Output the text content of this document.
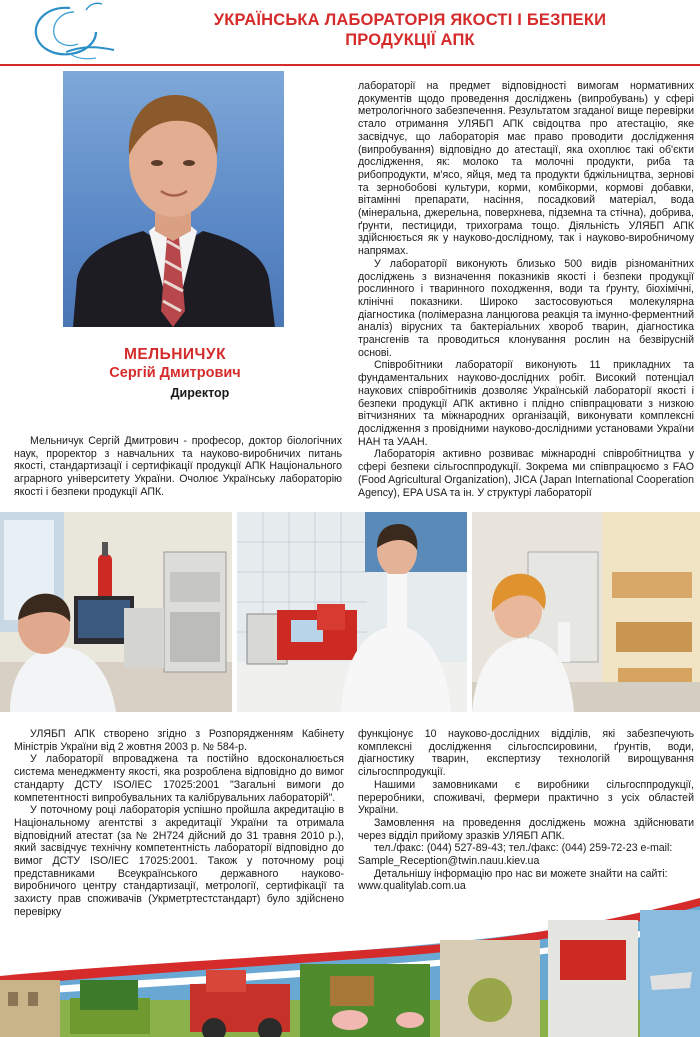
УКРАЇНСЬКА ЛАБОРАТОРІЯ ЯКОСТІ І БЕЗПЕКИ
ПРОДУКЦІЇ АПК
МЕЛЬНИЧУК
Сергій Дмитрович
Директор

Мельничук Сергій Дмитрович - професор, доктор біологічних наук, проректор з навчальних та науково-виробничих питань якості, стандартизації і сертифікації продукції АПК Національного аграрного університету України. Очолює Українську лабораторію якості і безпеки продукції АПК.

лабораторії на предмет відповідності вимогам нормативних документів щодо проведення досліджень (випробувань) у сфері метрологічного забезпечення. Результатом згаданої вище перевірки стало отримання УЛЯБП АПК свідоцтва про атестацію, яке засвідчує, що лабораторія має право проводити дослідження (випробування) відповідно до атестації, яка охоплює такі об'єкти дослідження, як: молоко та молочні продукти, риба та рибопродукти, м'ясо, яйця, мед та продукти бджільництва, зернові та зернобобові культури, корми, комбікорми, кормові добавки, вітамінні препарати, насіння, посадковий матеріал, вода (мінеральна, джерельна, поверхнева, підземна та стічна), добрива, ґрунти, пестициди, трихограма тощо. Діяльність УЛЯБП АПК здійснюється як у науково-дослідному, так і науково-виробничому напрямах.

У лабораторії виконують близько 500 видів різноманітних досліджень з визначення показників якості і безпеки продукції рослинного і тваринного походження, води та ґрунту, біохімічні, клінічні показники. Широко застосовуються молекулярна діагностика (полімеразна ланцюгова реакція та імунно-ферментний аналіз) вірусних та бактеріальних хвороб тварин, діагностика трансгенів та проводиться клонування рослин на безвірусній основі.

Співробітники лабораторії виконують 11 прикладних та фундаментальних науково-дослідних робіт. Високий потенціал наукових співробітників дозволяє Українській лабораторії якості і безпеки продукції АПК активно і плідно співпрацювати з низкою вітчизняних та міжнародних організацій, виконувати комплексні дослідження з провідними науково-дослідними установами України НАН та УААН.

Лабораторія активно розвиває міжнародні співробітництва у сфері безпеки сільгосппродукції. Зокрема ми співпрацюємо з FAO (Food Agricultural Organization), JICA (Japan International Cooperation Agency), EPA USA та ін. У структурі лабораторії

УЛЯБП АПК створено згідно з Розпорядженням Кабінету Міністрів України від 2 жовтня 2003 р. № 584-р.

У лабораторії впроваджена та постійно вдосконалюється система менеджменту якості, яка розроблена відповідно до вимог стандарту ДСТУ ISO/IEC 17025:2001 "Загальні вимоги до компетентності випробувальних та калібрувальних лабораторій".

У поточному році лабораторія успішно пройшла акредитацію в Національному агентстві з акредитації України та отримала відповідний атестат (за № 2Н724 дійсний до 31 травня 2010 р.), який засвідчує технічну компетентність лабораторії відповідно до вимог ДСТУ ISO/IEC 17025:2001. Також у поточному році представниками Всеукраїнського державного науково-виробничого центру стандартизації, метрології, сертифікації та захисту прав споживачів (Укрметртестстандарт) було здійснено перевірку

функціонує 10 науково-дослідних відділів, які забезпечують комплексні дослідження сільгоспсировини, ґрунтів, води, діагностику тварин, експертизу технологій вирощування сільгосппродукції.

Нашими замовниками є виробники сільгосппродукції, переробники, споживачі, фермери практично з усіх областей України.

Замовлення на проведення досліджень можна здійснювати через відділ прийому зразків УЛЯБП АПК.

тел./факс: (044) 527-89-43; тел./факс: (044) 259-72-23 e-mail: Sample_Reception@twin.nauu.kiev.ua

Детальнішу інформацію про нас ви можете знайти на сайті: www.qualitylab.com.ua
